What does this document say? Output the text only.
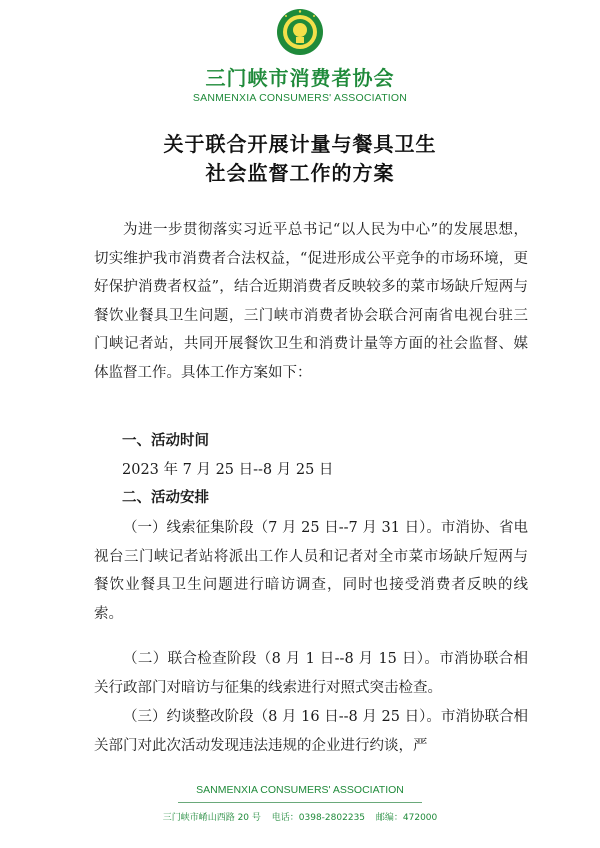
三门峡市消费者协会
SANMENXIA CONSUMERS' ASSOCIATION
关于联合开展计量与餐具卫生
社会监督工作的方案
为进一步贯彻落实习近平总书记“以人民为中心”的发展思想，切实维护我市消费者合法权益，“促进形成公平竞争的市场环境，更好保护消费者权益”，结合近期消费者反映较多的菜市场缺斤短两与餐饮业餐具卫生问题，三门峡市消费者协会联合河南省电视台驻三门峡记者站，共同开展餐饮卫生和消费计量等方面的社会监督、媒体监督工作。具体工作方案如下：
一、活动时间
2023 年 7 月 25 日--8 月 25 日
二、活动安排
（一）线索征集阶段（7 月 25 日--7 月 31 日）。市消协、省电视台三门峡记者站将派出工作人员和记者对全市菜市场缺斤短两与餐饮业餐具卫生问题进行暗访调查，同时也接受消费者反映的线索。
（二）联合检查阶段（8 月 1 日--8 月 15 日）。市消协联合相关行政部门对暗访与征集的线索进行对照式突击检查。
（三）约谈整改阶段（8 月 16 日--8 月 25 日）。市消协联合相关部门对此次活动发现违法违规的企业进行约谈，严
SANMENXIA CONSUMERS' ASSOCIATION
三门峡市崤山西路 20 号 电话：0398-2802235 邮编：472000
